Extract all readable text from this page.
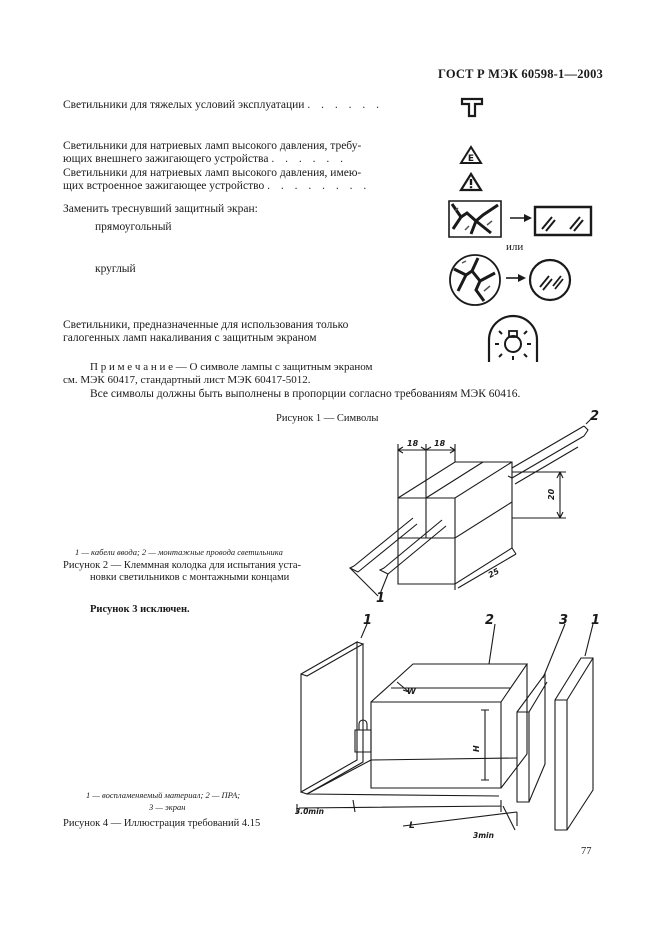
ГОСТ Р МЭК 60598-1—2003
Светильники для тяжелых условий эксплуатации . . . . . .
Светильники для натриевых ламп высокого давления, требу-
ющих внешнего зажигающего устройства . . . . . .
Светильники для натриевых ламп высокого давления, имею-
щих встроенное зажигающее устройство . . . . . . . .
Заменить треснувший защитный экран:
прямоугольный
круглый
Светильники, предназначенные для использования только
галогенных ламп накаливания с защитным экраном
П р и м е ч а н и е — О символе лампы с защитным экраном
см. МЭК 60417, стандартный лист МЭК 60417-5012.
Все символы должны быть выполнены в пропорции согласно требованиям МЭК 60416.
E
или
Рисунок 1 — Символы
18 18
20
25
2
1
1 — кабели ввода; 2 — монтажные провода светильника
Рисунок 2 — Клеммная колодка для испытания уста-
новки светильников с монтажными концами
Рисунок 3 исключен.
1	2	3 1
W
H
L
3.0min
3min
1 — воспламеняемый материал; 2 — ПРА;
3 — экран
Рисунок 4 — Иллюстрация требований 4.15
77
